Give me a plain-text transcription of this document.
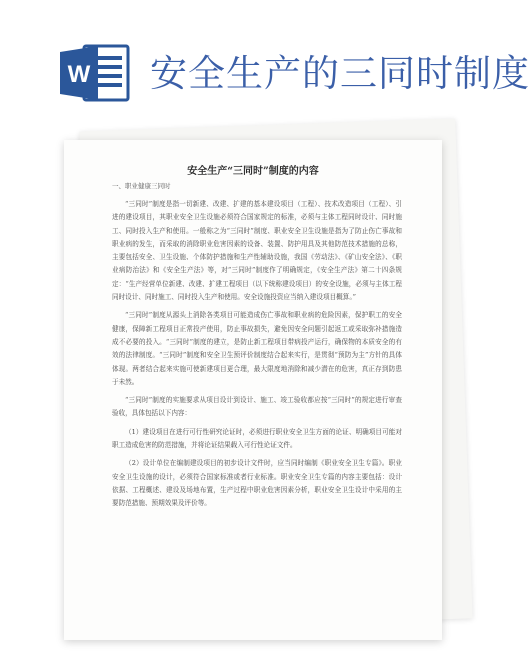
W 安全生产的三同时制度
安全生产“三同时”制度的内容
一、职业健康三同时

“三同时”制度是指一切新建、改建、扩建的基本建设项目（工程）、技术改造项目（工程）、引进的建设项目，其职业安全卫生设施必须符合国家规定的标准，必须与主体工程同时设计、同时施工、同时投入生产和使用。一般称之为“三同时”制度、职业安全卫生设施是指为了防止伤亡事故和职业病的发生，而采取的消除职业危害因素的设备、装置、防护用具及其他防范技术措施的总称，主要包括安全、卫生设施、个体防护措施和生产性辅助设施，我国《劳动法》、《矿山安全法》、《职业病防治法》和《安全生产法》等，对“三同时”制度作了明确规定，《安全生产法》第二十四条规定：“生产经营单位新建、改建、扩建工程项目（以下统称建设项目）的安全设施，必须与主体工程同时设计、同时施工、同时投入生产和使用。安全设施投资应当纳入建设项目概算。”

“三同时”制度从源头上消除各类项目可能造成伤亡事故和职业病的危险因素，保护职工的安全健康，保障新工程项目正常投产使用，防止事故损失，避免因安全问题引起返工或采取弥补措施造成不必要的投入。“三同时”制度的建立，是防止新工程项目带病投产运行，确保物的本质安全的有效的法律制度。“三同时”制度和安全卫生预评价制度结合起来实行，是贯彻“预防为主”方针的具体体现。两者结合起来实施可使新建项目更合理，最大限度地消除和减少潜在的危害，真正存到防患于未然。

“三同时”制度的实施要求从项目设计到设计、施工、竣工验收都应按“三同时”的规定进行审查验收，具体包括以下内容：

（1）建设项目在进行可行性研究论证时，必须进行职业安全卫生方面的论证、明确项目可能对职工造成危害的防范措施，并将论证结果载入可行性论证文件。

（2）设计单位在编制建设项目的初步设计文件时，应当同时编制《职业安全卫生专篇》。职业安全卫生设施的设计，必须符合国家标准或者行业标准。职业安全卫生专篇的内容主要包括：设计依据、工程概述、建设及场地布置，生产过程中职业危害因素分析，职业安全卫生设计中采用的主要防范措施、预期效果及评价等。
